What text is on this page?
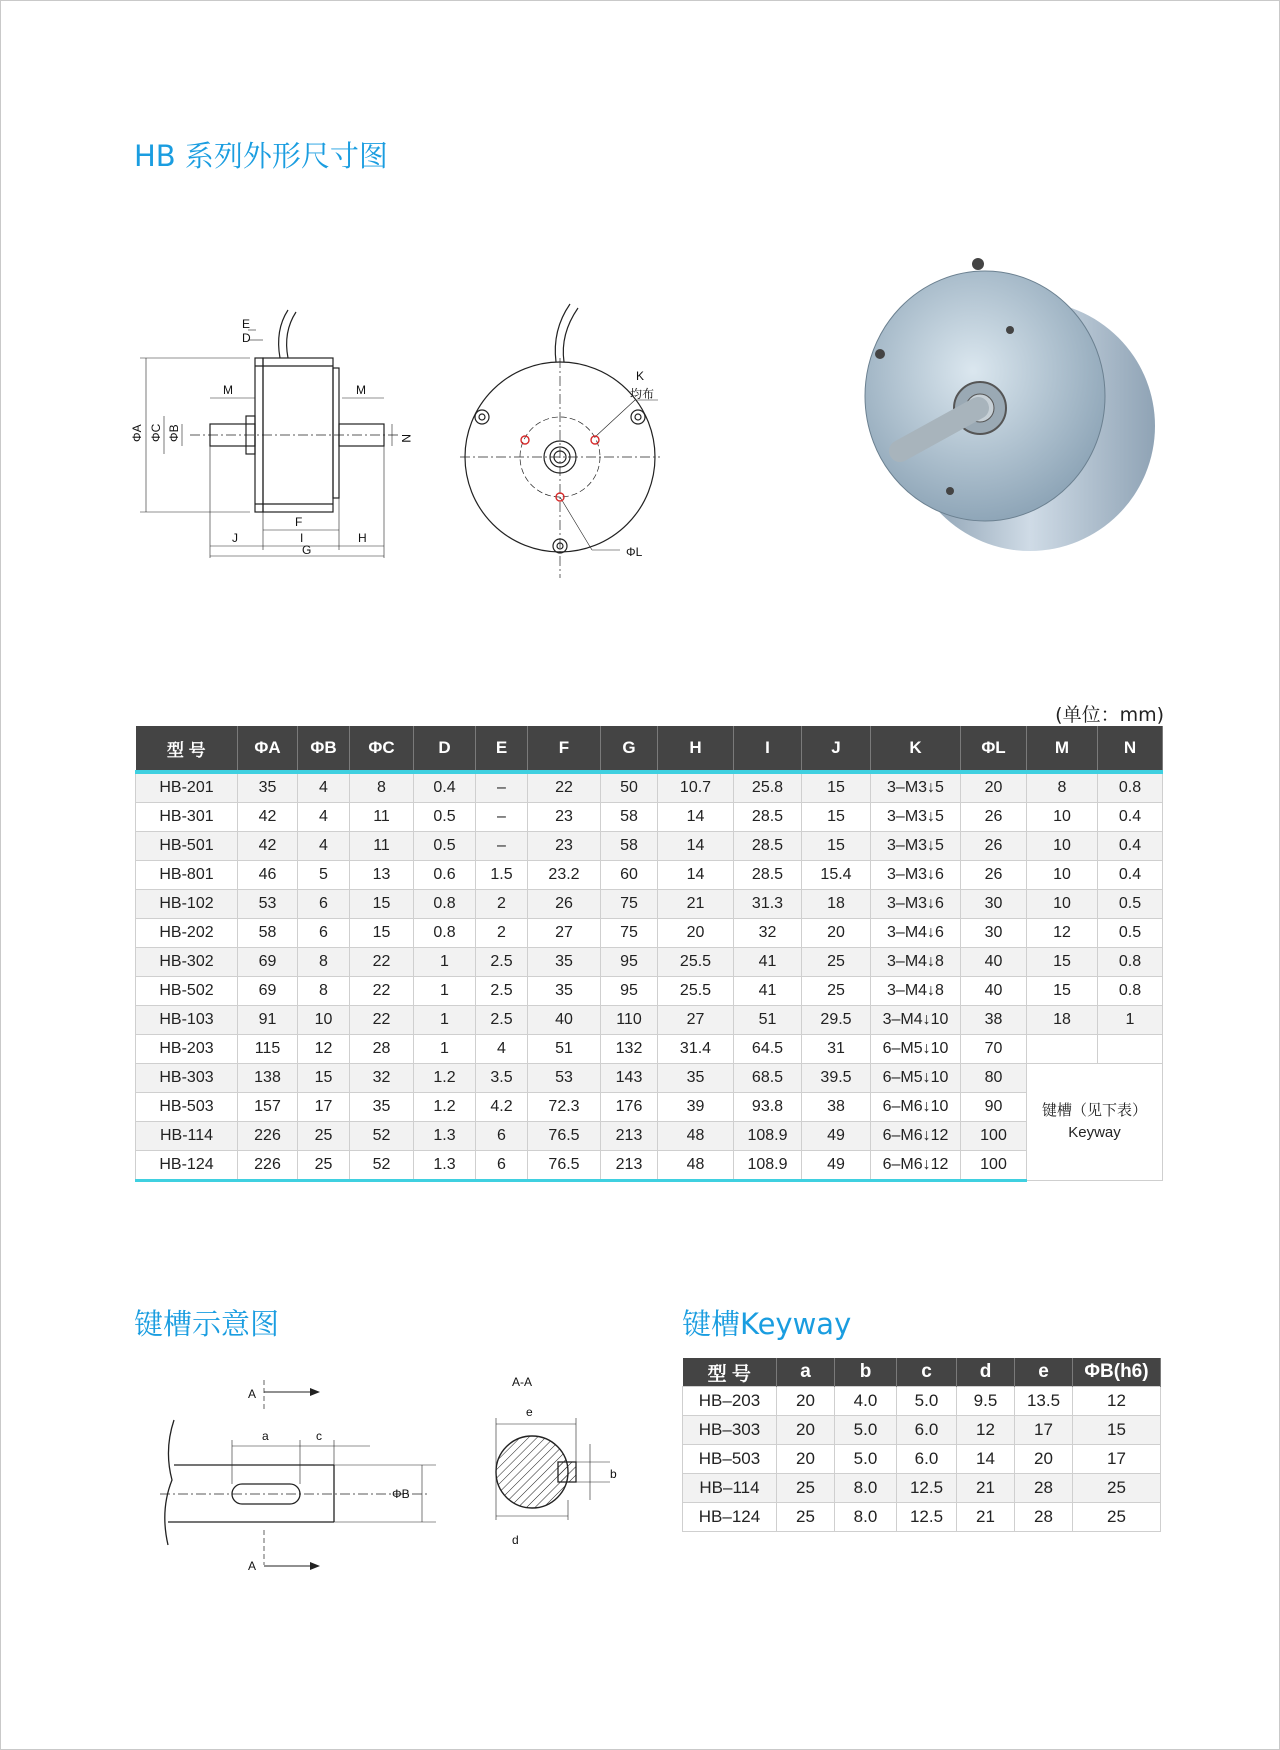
HB 系列外形尺寸图
E
D
M	M
ΦA ΦC ΦB	N
F
J	I	H
G
K
均布
ΦL
(单位：mm)
型 号	ΦA	ΦB	ΦC	D	E	F	G	H	I	J	K	ΦL	M	N
HB-201	35	4	8	0.4	–	22	50	10.7	25.8	15	3–M3↓5	20	8	0.8
HB-301	42	4	11	0.5	–	23	58	14	28.5	15	3–M3↓5	26	10	0.4
HB-501	42	4	11	0.5	–	23	58	14	28.5	15	3–M3↓5	26	10	0.4
HB-801	46	5	13	0.6	1.5	23.2	60	14	28.5	15.4	3–M3↓6	26	10	0.4
HB-102	53	6	15	0.8	2	26	75	21	31.3	18	3–M3↓6	30	10	0.5
HB-202	58	6	15	0.8	2	27	75	20	32	20	3–M4↓6	30	12	0.5
HB-302	69	8	22	1	2.5	35	95	25.5	41	25	3–M4↓8	40	15	0.8
HB-502	69	8	22	1	2.5	35	95	25.5	41	25	3–M4↓8	40	15	0.8
HB-103	91	10	22	1	2.5	40	110	27	51	29.5	3–M4↓10	38	18	1
HB-203	115	12	28	1	4	51	132	31.4	64.5	31	6–M5↓10	70		
HB-303	138	15	32	1.2	3.5	53	143	35	68.5	39.5	6–M5↓10	80	键槽（见下表）
Keyway	

HB-503	157	17	35	1.2	4.2	72.3	176	39	93.8	38	6–M6↓10	90		
HB-114	226	25	52	1.3	6	76.5	213	48	108.9	49	6–M6↓12	100		
HB-124	226	25	52	1.3	6	76.5	213	48	108.9	49	6–M6↓12	100		
键槽示意图
A
A
a	c
ΦB
A-A
e
b
d
键槽Keyway
型 号	a	b	c	d	e	ΦB(h6)
HB–203	20	4.0	5.0	9.5	13.5	12
HB–303	20	5.0	6.0	12	17	15
HB–503	20	5.0	6.0	14	20	17
HB–114	25	8.0	12.5	21	28	25
HB–124	25	8.0	12.5	21	28	25
